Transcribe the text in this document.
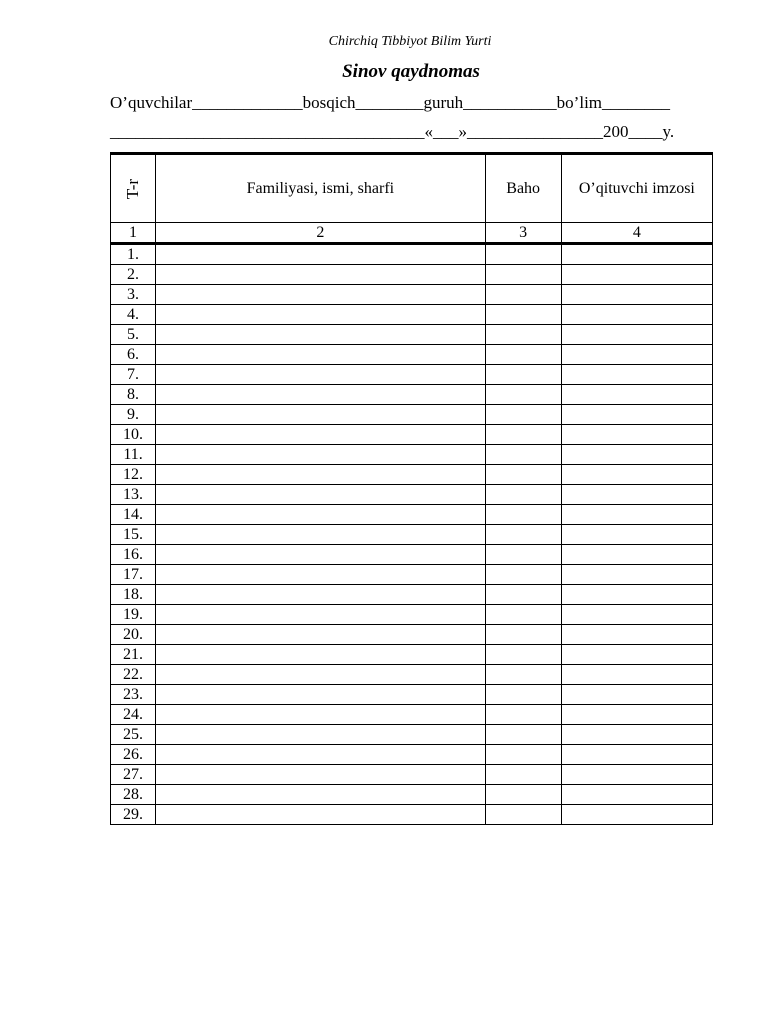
Chirchiq Tibbiyot Bilim Yurti
Sinov qaydnomas
O’quvchilar_____________bosqich________guruh___________bo’lim________
_____________________________________«___»________________200____y.
T-r	Familiyasi, ismi, sharfi	Baho	O’qituvchi imzosi
1	2	3	4
1.			
2.			
3.			
4.			
5.			
6.			
7.			
8.			
9.			
10.			
11.			
12.			
13.			
14.			
15.			
16.			
17.			
18.			
19.			
20.			
21.			
22.			
23.			
24.			
25.			
26.			
27.			
28.			
29.			
